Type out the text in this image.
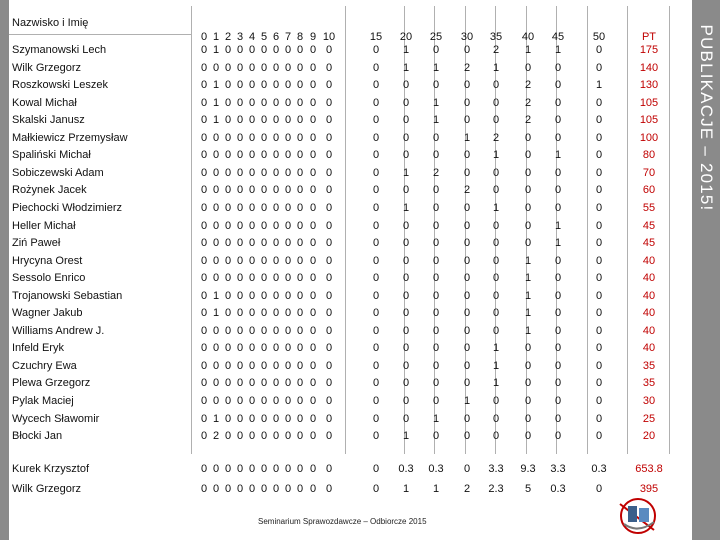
PUBLIKACJE – 2015!
Nazwisko i Imię
0 1 2 3 4 5 6 7 8 9 10	15	20	25	30	35	40	45	50	PT
Szymanowski Lech	0 1 0 0 0 0 0 0 0 0 0	0	1	0	0	2	1	1	0	175
Wilk Grzegorz	0 0 0 0 0 0 0 0 0 0 0	0	1	1	2	1	0	0	0	140
Roszkowski Leszek	0 1 0 0 0 0 0 0 0 0 0	0	0	0	0	0	2	0	1	130
Kowal Michał	0 1 0 0 0 0 0 0 0 0 0	0	0	1	0	0	2	0	0	105
Skalski Janusz	0 1 0 0 0 0 0 0 0 0 0	0	0	1	0	0	2	0	0	105
Małkiewicz Przemysław	0 0 0 0 0 0 0 0 0 0 0	0	0	0	1	2	0	0	0	100
Spaliński Michał	0 0 0 0 0 0 0 0 0 0 0	0	0	0	0	1	0	1	0	80
Sobiczewski Adam	0 0 0 0 0 0 0 0 0 0 0	0	1	2	0	0	0	0	0	70
Rożynek Jacek	0 0 0 0 0 0 0 0 0 0 0	0	0	0	2	0	0	0	0	60
Piechocki Włodzimierz	0 0 0 0 0 0 0 0 0 0 0	0	1	0	0	1	0	0	0	55
Heller Michał	0 0 0 0 0 0 0 0 0 0 0	0	0	0	0	0	0	1	0	45
Ziń Paweł	0 0 0 0 0 0 0 0 0 0 0	0	0	0	0	0	0	1	0	45
Hrycyna Orest	0 0 0 0 0 0 0 0 0 0 0	0	0	0	0	0	1	0	0	40
Sessolo Enrico	0 0 0 0 0 0 0 0 0 0 0	0	0	0	0	0	1	0	0	40
Trojanowski Sebastian	0 1 0 0 0 0 0 0 0 0 0	0	0	0	0	0	1	0	0	40
Wagner Jakub	0 1 0 0 0 0 0 0 0 0 0	0	0	0	0	0	1	0	0	40
Williams Andrew J.	0 0 0 0 0 0 0 0 0 0 0	0	0	0	0	0	1	0	0	40
Infeld Eryk	0 0 0 0 0 0 0 0 0 0 0	0	0	0	0	1	0	0	0	40
Czuchry Ewa	0 0 0 0 0 0 0 0 0 0 0	0	0	0	0	1	0	0	0	35
Plewa Grzegorz	0 0 0 0 0 0 0 0 0 0 0	0	0	0	0	1	0	0	0	35
Pylak Maciej	0 0 0 0 0 0 0 0 0 0 0	0	0	0	1	0	0	0	0	30
Wycech Sławomir	0 1 0 0 0 0 0 0 0 0 0	0	0	1	0	0	0	0	0	25
Błocki Jan	0 2 0 0 0 0 0 0 0 0 0	0	1	0	0	0	0	0	0	20
Kurek Krzysztof	0 0 0 0 0 0 0 0 0 0 0	0	0.3	0.3	0	3.3	9.3	3.3	0.3	653.8
Wilk Grzegorz	0 0 0 0 0 0 0 0 0 0 0	0	1	1	2	2.3	5	0.3	0	395
Seminarium Sprawozdawcze – Odbiorcze 2015
